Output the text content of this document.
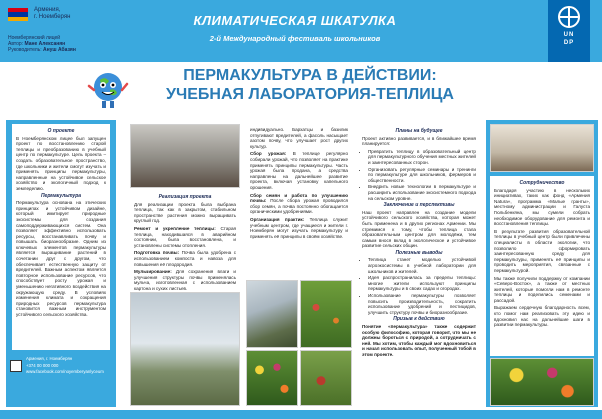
Армения,
г. Ноемберян
Ноемберянский лицей
Автор: Мане Алексанян
Руководитель: Ануш Абазян
КЛИМАТИЧЕСКАЯ ШКАТУЛКА
2-й Международный фестиваль школьников	UN
DP
ПЕРМАКУЛЬТУРА В ДЕЙСТВИИ:
УЧЕБНАЯ ЛАБОРАТОРИЯ-ТЕПЛИЦА
О проекте

В Ноемберянском лицее был запущен проект по восстановлению старой теплицы и преобразованию в учебный центр по пермакультуре. Цель проекта – создать образовательное пространство, где школьники и жители смогут изучать и применять принципы пермакультуры, направленные на устойчивое сельское хозяйство и экологичный подход к земледелию.

Пермакультура

Пермакультура основана на этических принципах и устойчивом дизайне, который имитирует природные экосистемы для создания самоподдерживающихся систем. Она позволяет эффективно использовать ресурсы, восстанавливать почву и повышать биоразнообразие. Одним из ключевых элементов пермакультуры является выращивание растений в сочетании друг с другом, что обеспечивает естественную защиту от вредителей. Важным аспектом является повторное использование ресурсов, что способствует росту урожая и уменьшению негативного воздействия на окружающую среду. В условиях изменения климата и сокращения природных ресурсов пермакультура становится важным инструментом устойчивого сельского хозяйства.

Армения, г. Ноемберян
+374 00 000 000
www.facebook.com/noyemberyanlyceum
Реализация проекта

Для реализации проекта была выбрана теплица, так как в закрытом, стабильном пространстве растения можно выращивать круглый год.

Ремонт и укрепление теплицы: Старая теплица, находившаяся в аварийном состоянии, была восстановлена, и установлены системы отопления.

Подготовка почвы: Почва была удобрена с использованием компоста и навоза для повышения её плодородия.

Мульчирование: Для сохранения влаги и улучшения структуры почвы применялась мульча, изготовленная с использованием картона и сухих листьев.

индивидуально. Бархатцы и базилик отпугивают вредителей, а фасоль насыщает азотом почву, что улучшает рост других культур.

Сбор урожая: В теплице регулярно собирали урожай, что позволяет на практике применять принципы пермакультуры. Часть урожая была продана, а средства направлены на дальнейшее развитие проекта, включая установку капельного орошения.

Сбор семян и работа по улучшению почвы: После сбора урожая проводился сбор семян, а почва постоянно обогащается органическими удобрениями.

Организация практик: Теплица служит учебным центром, где учащиеся и жители г. Ноемберян могут изучать пермакультуру и применять её принципы в своём хозяйстве.

Планы на будущее

Проект активно развивается, и в ближайшее время планируется:

• Превратить теплицу в образовательный центр для пермакультурного обучения местных жителей и заинтересованных сторон.
• Организовать регулярные семинары и тренинги по пермакультуре для школьников, фермеров и общественности.
• Внедрить новые технологии в пермакультуре и расширить использование экосистемного подхода на сельском уровне.
Заключение и перспективы

Наш проект направлен на создание модели устойчивого сельского хозяйства, которая может быть применена и в других регионах Армении. Мы стремимся к тому, чтобы теплица стала образовательным центром для молодёжи, тем самым внося вклад в экологическое и устойчивое развитие сельских общин.

Полезные выводы
• Теплица станет моделью устойчивой агроэкосистемы в учебной лаборатории для школьников и жителей.
• Идея распространилась за пределы теплицы: многие жители используют принципы пермакультуры и в своих садах и огородах.
• Использование пермакультуры позволяет повысить производительность, сократить использование удобрений и пестицидов, улучшить структуру почвы и биоразнообразие.
Призыв к действию

Понятие «пермакультура» также содержит особую философию, которая говорит, что мы не должны бороться с природой, а сотрудничать с ней. Мы хотим, чтобы каждый мог вдохновиться и начал использовать опыт, полученный тобой в этом проекте.

Сотрудничество

Благодаря участию в нескольких инициативах, таких как фонд «Армения Natura», программа «Малые гранты», местному администрации и Галуста Гюльбенкяна, мы сумели собрать необходимое оборудование для ремонта и восстановления теплицы.

В результате развития образовательной теплицы в учебный центр были привлечены специалисты в области экологии, что позволило сформировать заинтересованную среду для пермакультуры, применять её принципы и проводить мероприятия, связанные с пермакультурой.

Мы также получили поддержку от компании «Северо-Восток», а также от местных жителей, которые помогли нам в ремонте теплицы и поделились семенами и рассадой.

Выражаем сердечную благодарность всем, кто помог нам реализовать эту идею и вдохновил нас на дальнейшие шаги в развитии пермакультуры.
